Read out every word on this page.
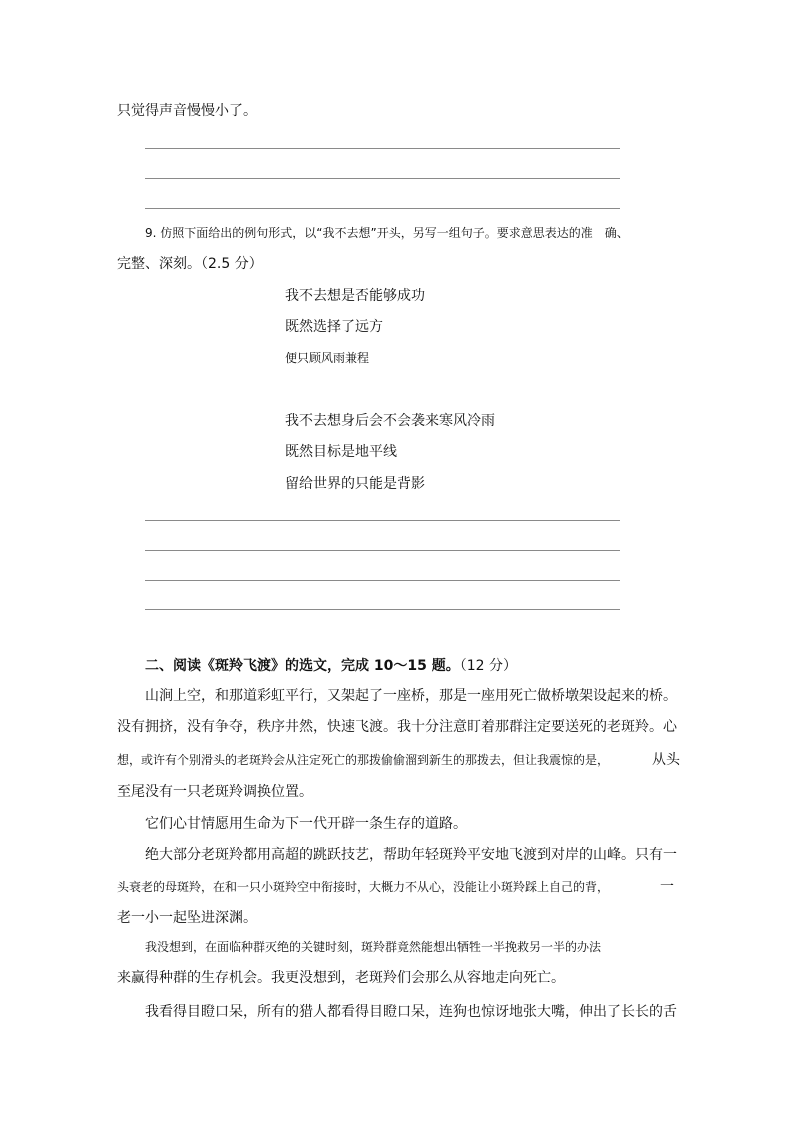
只觉得声音慢慢小了。
9. 仿照下面给出的例句形式，以“我不去想”开头，另写一组句子。要求意思表达的准　确、
完整、深刻。（2.5 分）
我不去想是否能够成功
既然选择了远方
便只顾风雨兼程
我不去想身后会不会袭来寒风冷雨
既然目标是地平线
留给世界的只能是背影
二、阅读《斑羚飞渡》的选文，完成 10～15 题。（12 分）
山涧上空，和那道彩虹平行，又架起了一座桥，那是一座用死亡做桥墩架设起来的桥。
没有拥挤，没有争夺，秩序井然，快速飞渡。我十分注意盯着那群注定要送死的老斑羚。心
想，或许有个别滑头的老斑羚会从注定死亡的那拨偷偷溜到新生的那拨去，但让我震惊的是，	从头
至尾没有一只老斑羚调换位置。
它们心甘情愿用生命为下一代开辟一条生存的道路。
绝大部分老斑羚都用高超的跳跃技艺，帮助年轻斑羚平安地飞渡到对岸的山峰。只有一
头衰老的母斑羚，在和一只小斑羚空中衔接时，大概力不从心，没能让小斑羚踩上自己的背，	一
老一小一起坠进深渊。
我没想到，在面临种群灭绝的关键时刻，斑羚群竟然能想出牺牲一半挽救另一半的办法
来赢得种群的生存机会。我更没想到，老斑羚们会那么从容地走向死亡。
我看得目瞪口呆，所有的猎人都看得目瞪口呆，连狗也惊讶地张大嘴，伸出了长长的舌
